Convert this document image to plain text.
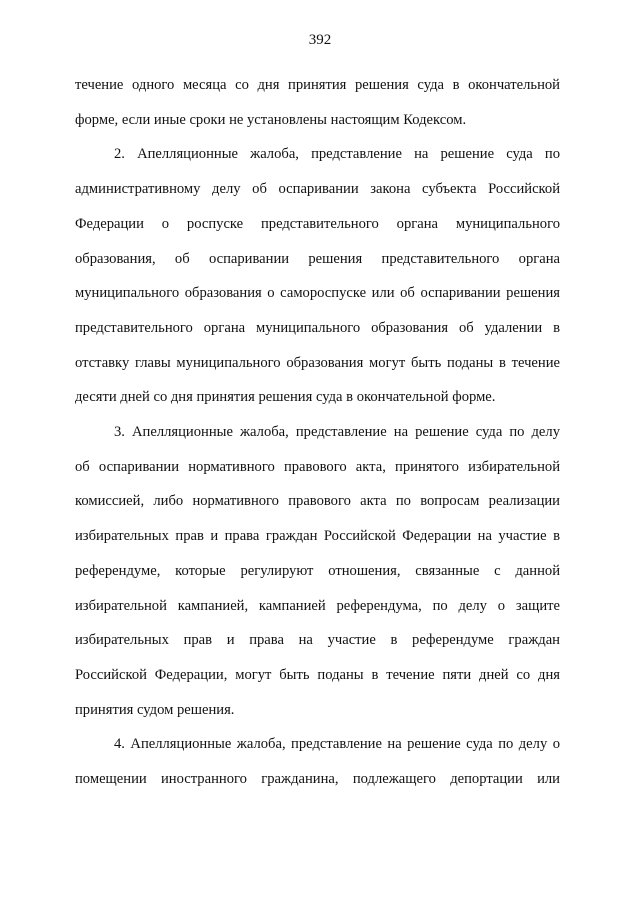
392
течение одного месяца со дня принятия решения суда в окончательной
форме, если иные сроки не установлены настоящим Кодексом.
2. Апелляционные жалоба, представление на решение суда по
административному делу об оспаривании закона субъекта Российской
Федерации о роспуске представительного органа муниципального
образования, об оспаривании решения представительного органа
муниципального образования о самороспуске или об оспаривании решения
представительного органа муниципального образования об удалении в
отставку главы муниципального образования могут быть поданы в течение
десяти дней со дня принятия решения суда в окончательной форме.
3. Апелляционные жалоба, представление на решение суда по делу
об оспаривании нормативного правового акта, принятого избирательной
комиссией, либо нормативного правового акта по вопросам реализации
избирательных прав и права граждан Российской Федерации на участие в
референдуме, которые регулируют отношения, связанные с данной
избирательной кампанией, кампанией референдума, по делу о защите
избирательных прав и права на участие в референдуме граждан
Российской Федерации, могут быть поданы в течение пяти дней со дня
принятия судом решения.
4. Апелляционные жалоба, представление на решение суда по делу о
помещении иностранного гражданина, подлежащего депортации или
